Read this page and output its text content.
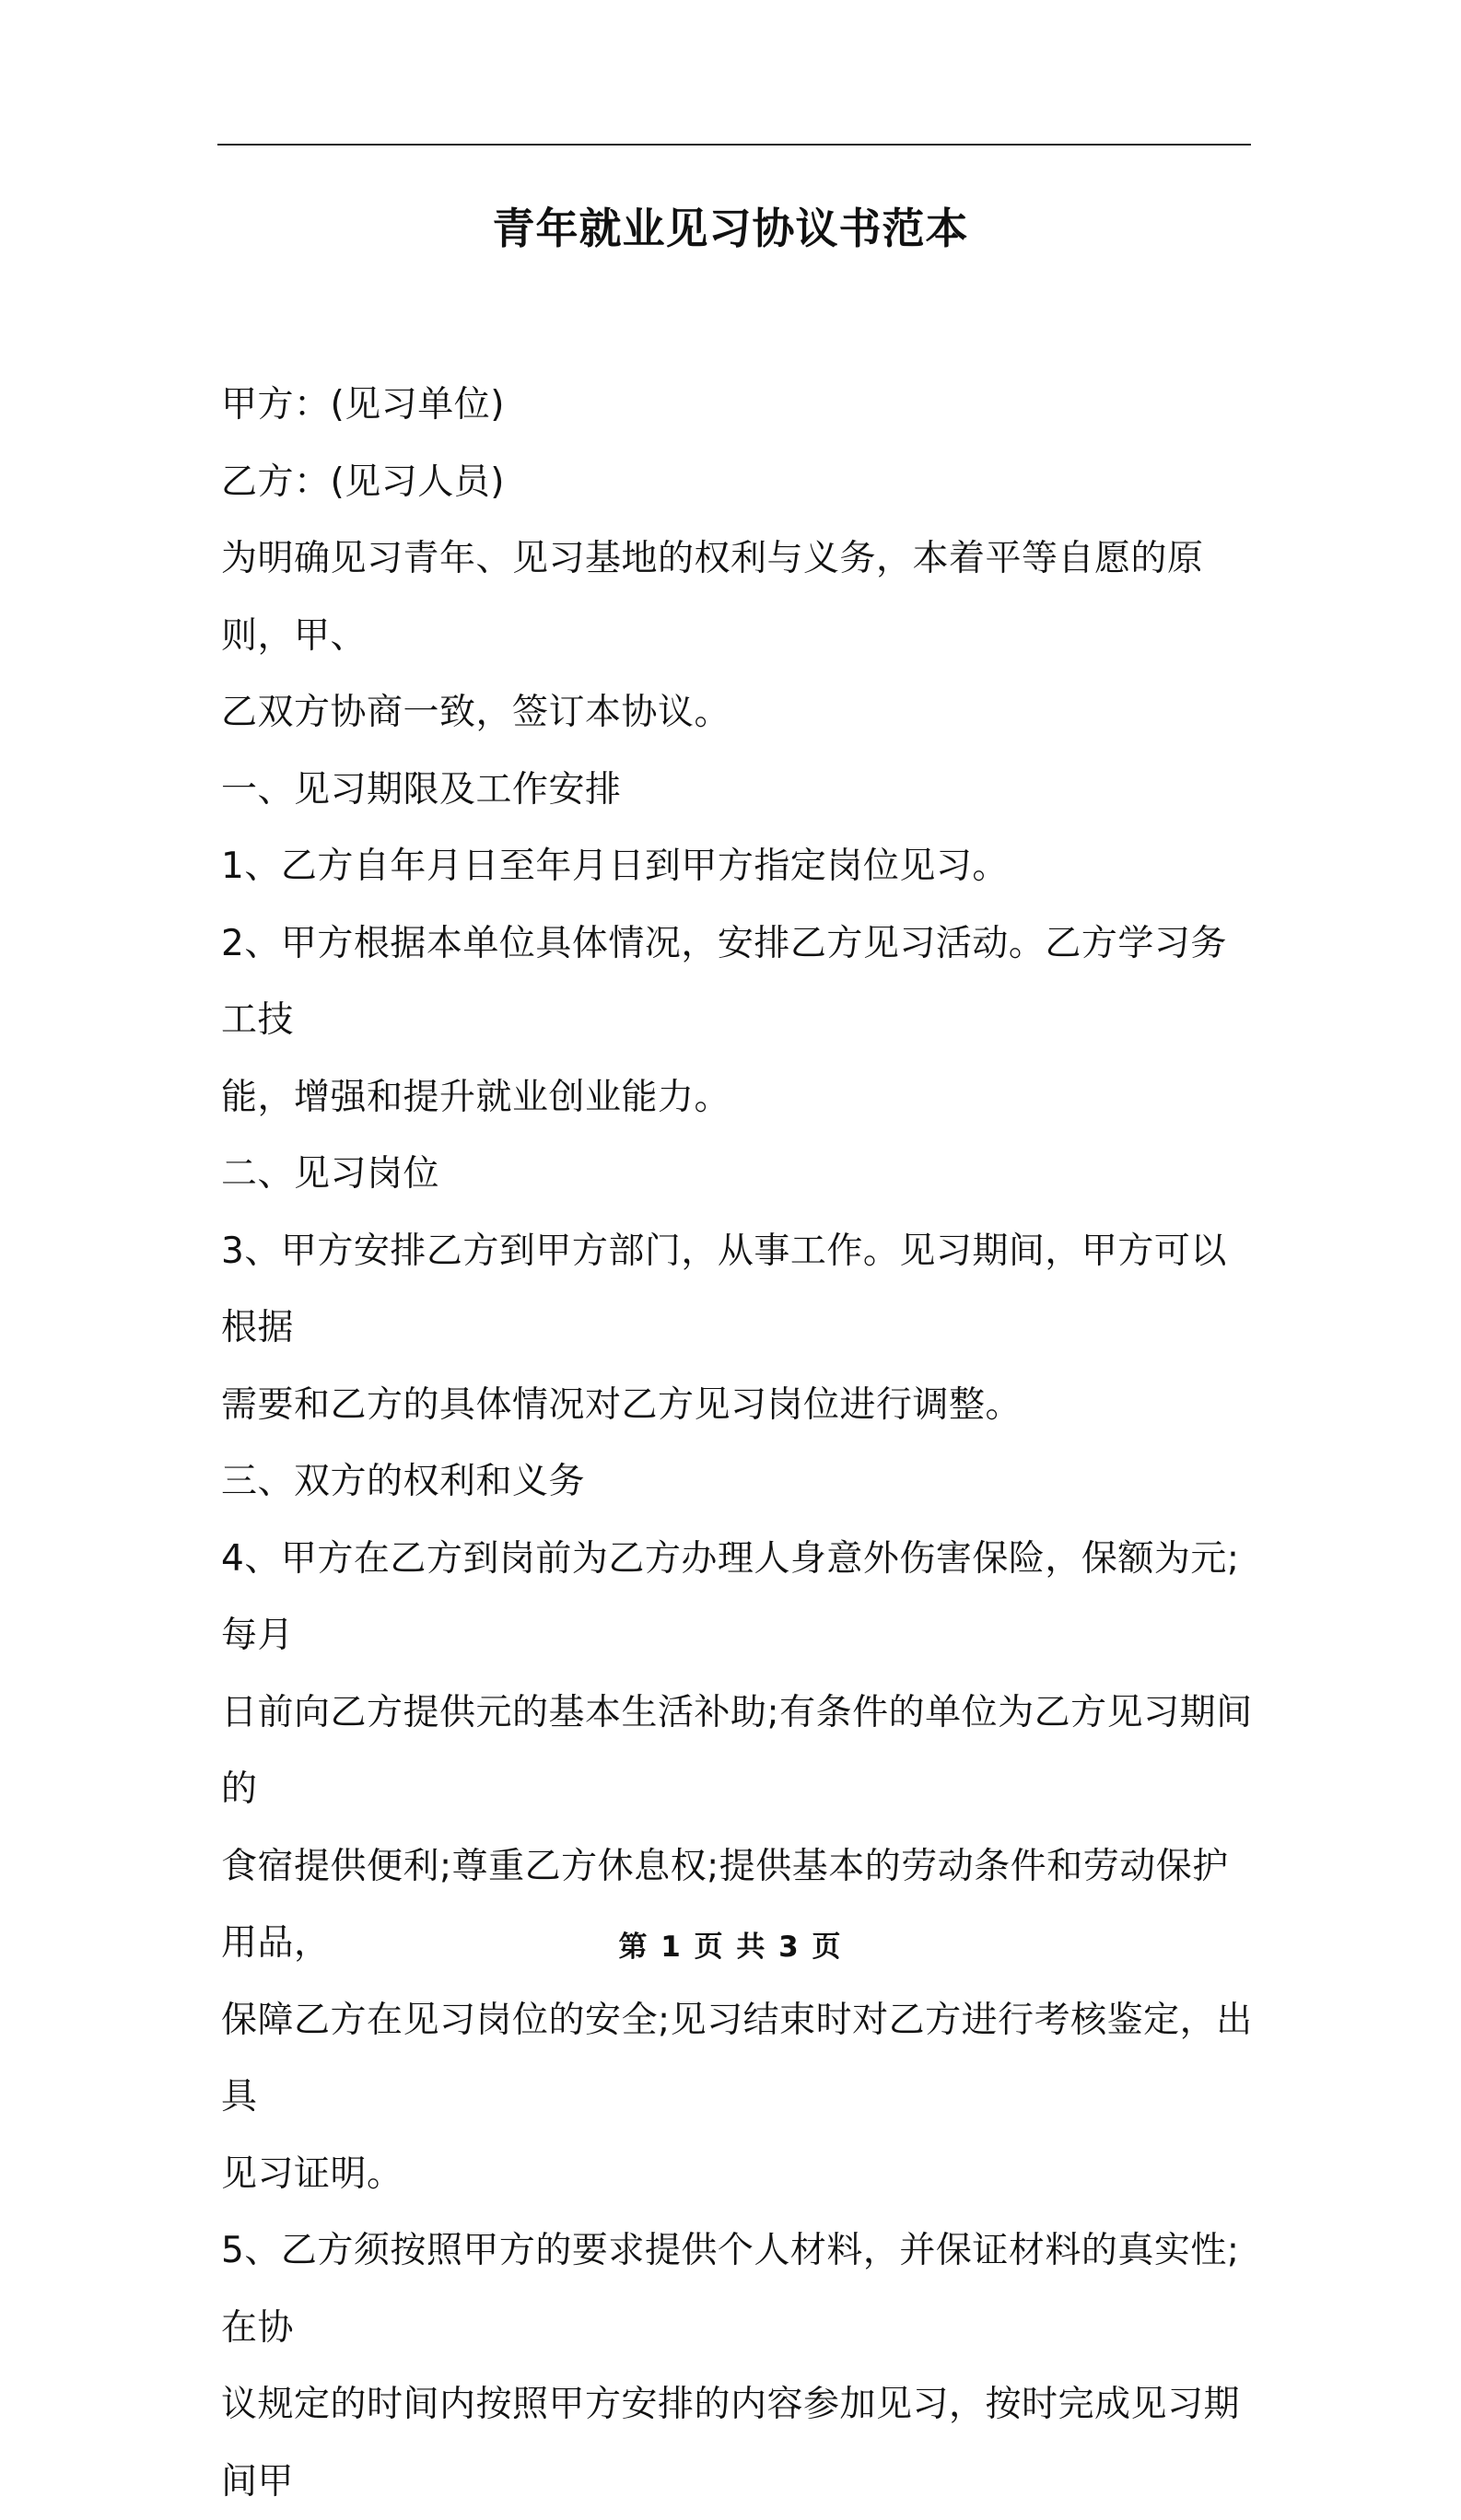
青年就业见习协议书范本

甲方：(见习单位)

乙方：(见习人员)

为明确见习青年、见习基地的权利与义务，本着平等自愿的原则，甲、
乙双方协商一致，签订本协议。

一、见习期限及工作安排

1、乙方自年月日至年月日到甲方指定岗位见习。

2、甲方根据本单位具体情况，安排乙方见习活动。乙方学习务工技
能，增强和提升就业创业能力。

二、见习岗位

3、甲方安排乙方到甲方部门，从事工作。见习期间，甲方可以根据
需要和乙方的具体情况对乙方见习岗位进行调整。

三、双方的权利和义务

4、甲方在乙方到岗前为乙方办理人身意外伤害保险，保额为元;每月
日前向乙方提供元的基本生活补助;有条件的单位为乙方见习期间的
食宿提供便利;尊重乙方休息权;提供基本的劳动条件和劳动保护用品，
保障乙方在见习岗位的安全;见习结束时对乙方进行考核鉴定，出具
见习证明。

5、乙方须按照甲方的要求提供个人材料，并保证材料的真实性;在协
议规定的时间内按照甲方安排的内容参加见习，按时完成见习期间甲

第 1 页 共 3 页
